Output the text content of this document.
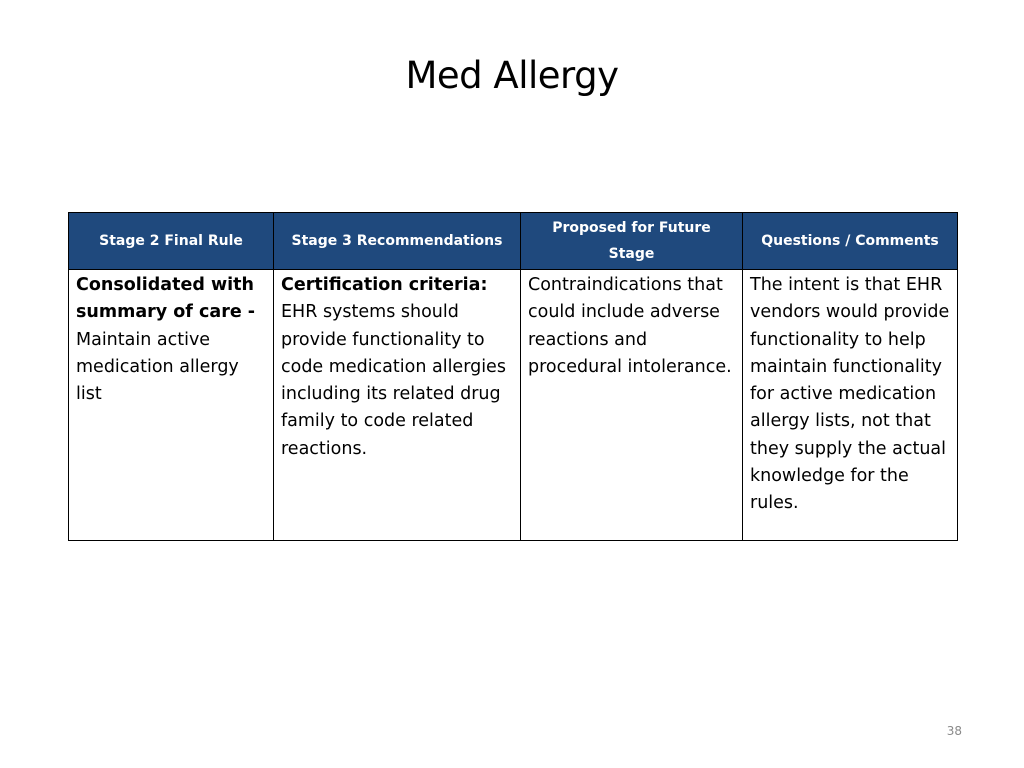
Med Allergy
Stage 2 Final Rule	Stage 3 Recommendations	Proposed for Future Stage	Questions / Comments
Consolidated with summary of care - Maintain active medication allergy list	Certification criteria: EHR systems should provide functionality to code medication allergies including its related drug family to code related reactions.	Contraindications that could include adverse reactions and procedural intolerance.	The intent is that EHR vendors would provide functionality to help maintain functionality for active medication allergy lists, not that they supply the actual knowledge for the rules.
38
